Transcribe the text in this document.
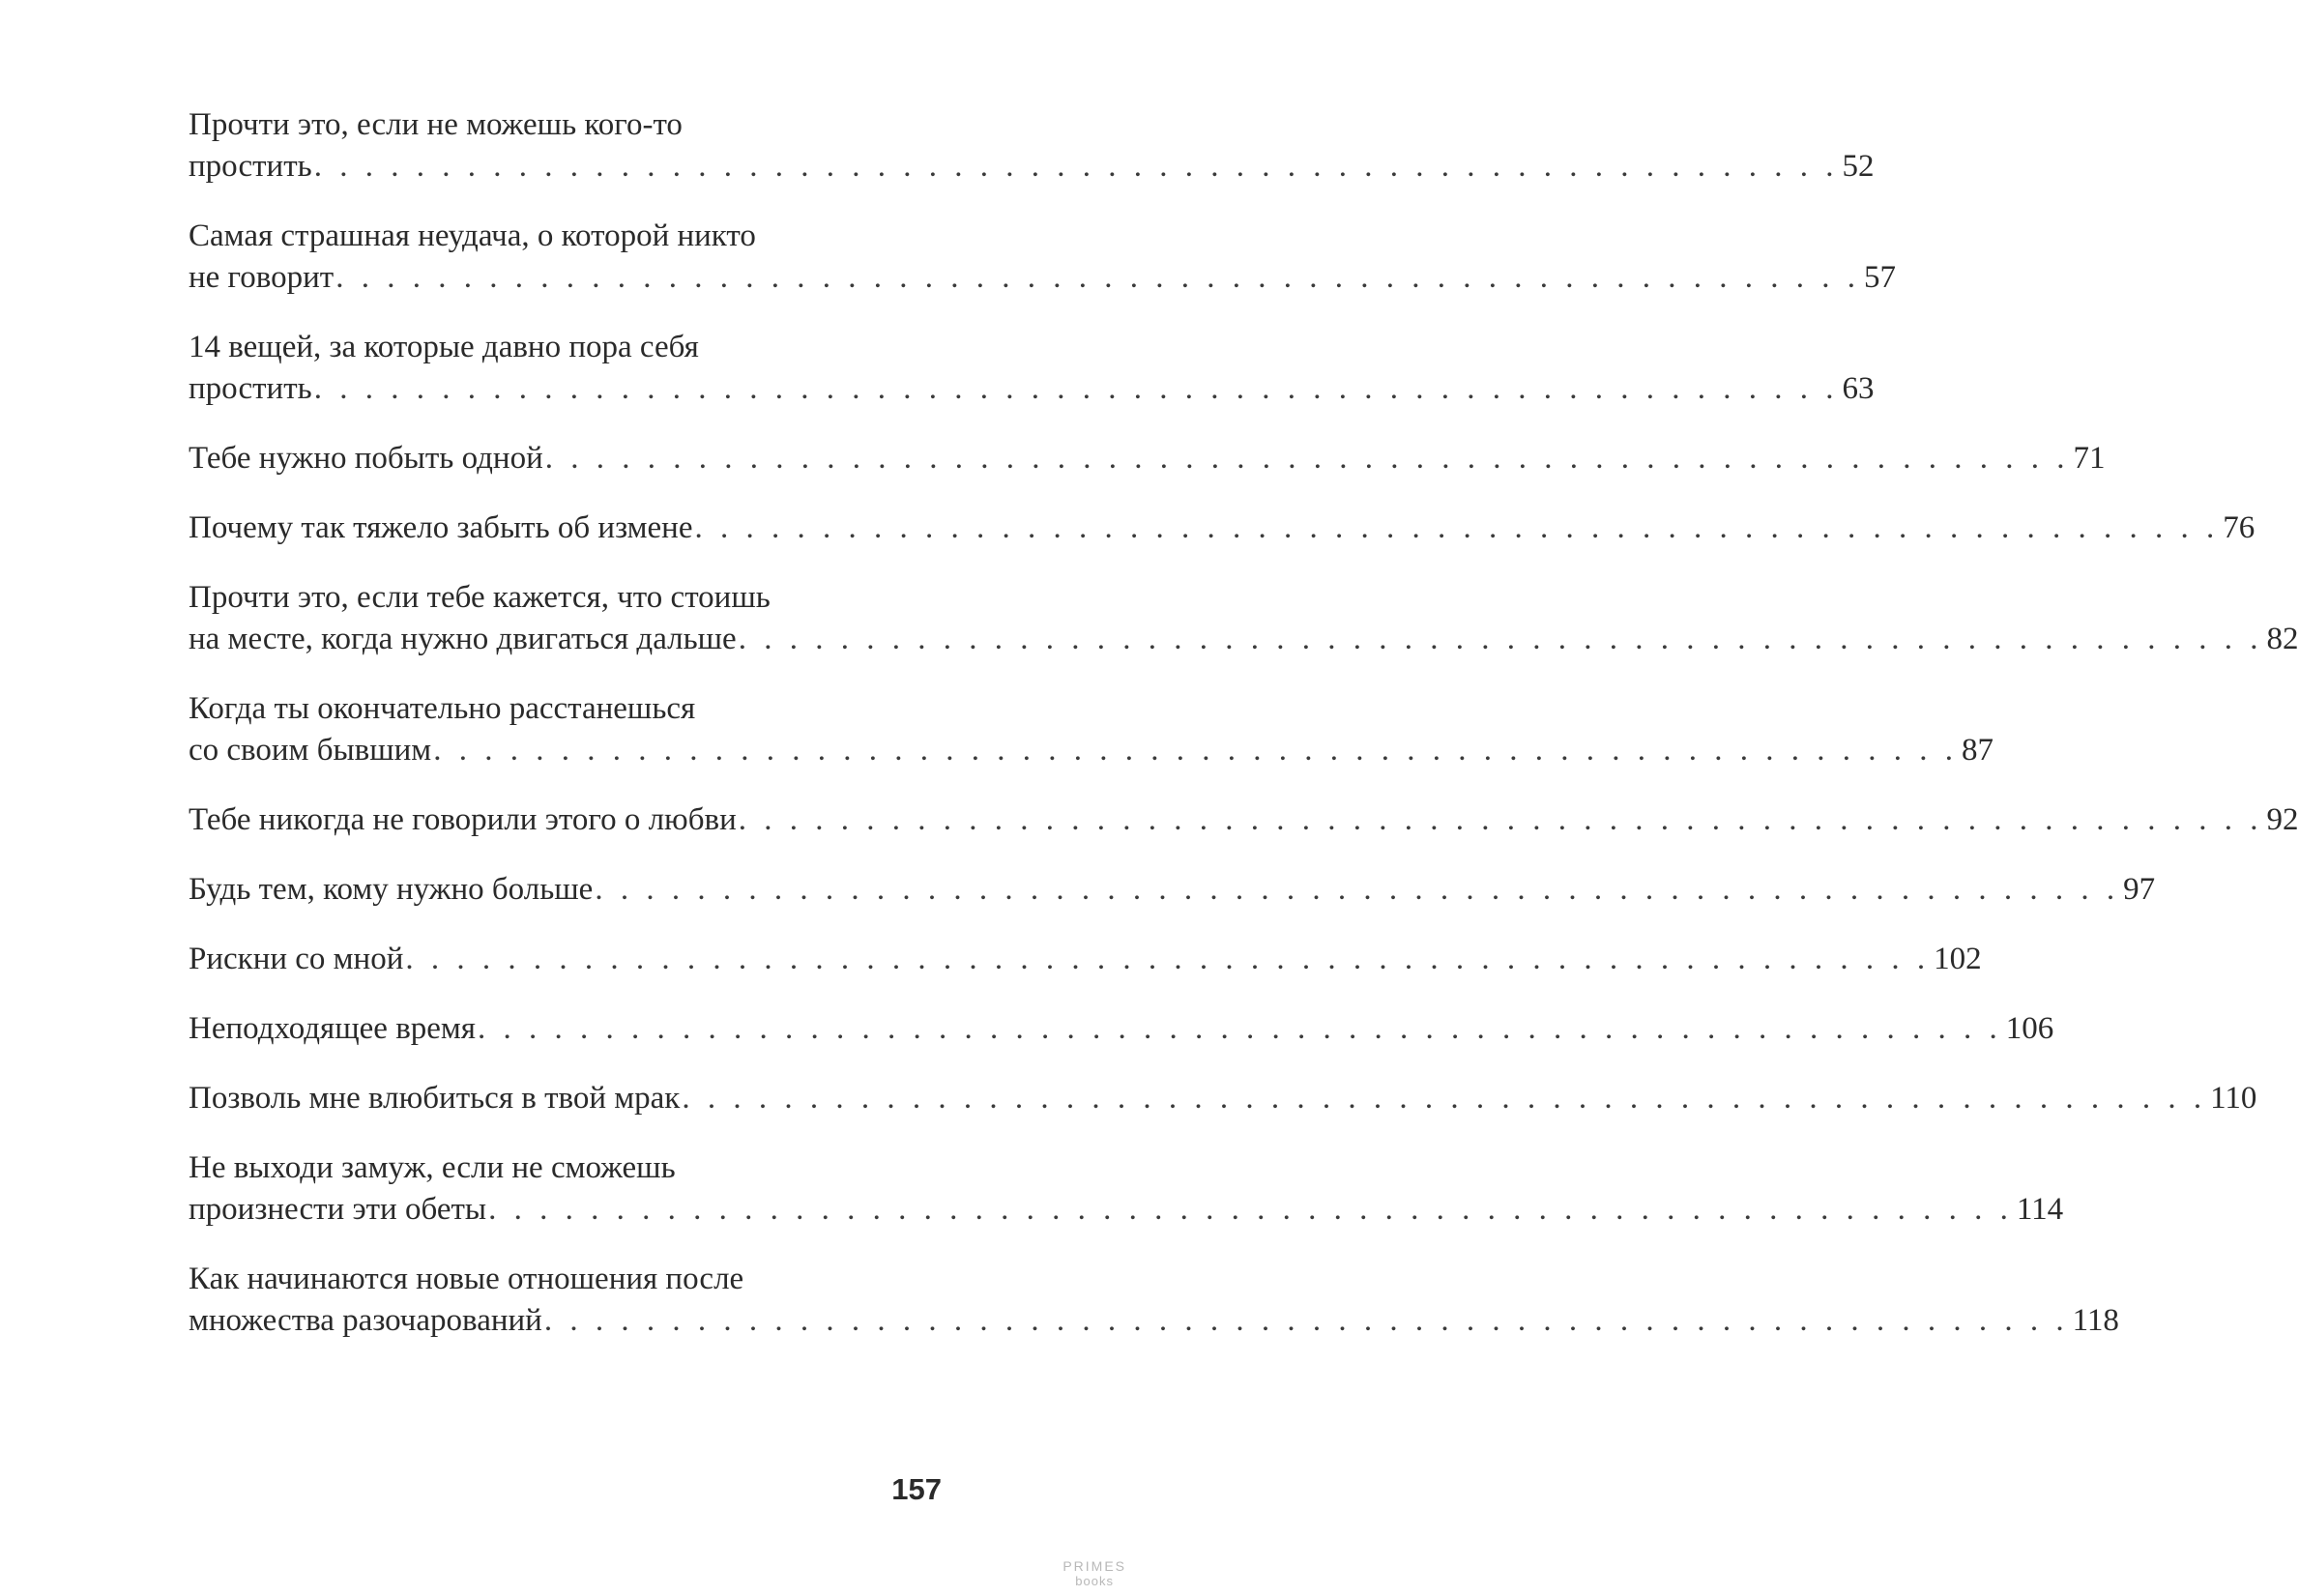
Прочти это, если не можешь кого-то
простить . . . . . . . . . . . . . . . . . . . . . . . . . . . . . . . . . . . . . . . . . . . . . . . . . . . . . . . . . . . . 52
Самая страшная неудача, о которой никто
не говорит . . . . . . . . . . . . . . . . . . . . . . . . . . . . . . . . . . . . . . . . . . . . . . . . . . . . . . . . . . . . 57
14 вещей, за которые давно пора себя
простить . . . . . . . . . . . . . . . . . . . . . . . . . . . . . . . . . . . . . . . . . . . . . . . . . . . . . . . . . . . . 63
Тебе нужно побыть одной . . . . . . . . . . . . . . . . . . . . . . . . . . . . . . . . . . . . . . . . . . . . . . . . . . . . . . . . . . . . 71
Почему так тяжело забыть об измене . . . . . . . . . . . . . . . . . . . . . . . . . . . . . . . . . . . . . . . . . . . . . . . . . . . . . . . . . . . . 76
Прочти это, если тебе кажется, что стоишь
на месте, когда нужно двигаться дальше . . . . . . . . . . . . . . . . . . . . . . . . . . . . . . . . . . . . . . . . . . . . . . . . . . . . . . . . . . . . 82
Когда ты окончательно расстанешься
со своим бывшим . . . . . . . . . . . . . . . . . . . . . . . . . . . . . . . . . . . . . . . . . . . . . . . . . . . . . . . . . . . . 87
Тебе никогда не говорили этого о любви . . . . . . . . . . . . . . . . . . . . . . . . . . . . . . . . . . . . . . . . . . . . . . . . . . . . . . . . . . . . 92
Будь тем, кому нужно больше . . . . . . . . . . . . . . . . . . . . . . . . . . . . . . . . . . . . . . . . . . . . . . . . . . . . . . . . . . . . 97
Рискни со мной . . . . . . . . . . . . . . . . . . . . . . . . . . . . . . . . . . . . . . . . . . . . . . . . . . . . . . . . . . . . 102
Неподходящее время . . . . . . . . . . . . . . . . . . . . . . . . . . . . . . . . . . . . . . . . . . . . . . . . . . . . . . . . . . . . 106
Позволь мне влюбиться в твой мрак . . . . . . . . . . . . . . . . . . . . . . . . . . . . . . . . . . . . . . . . . . . . . . . . . . . . . . . . . . . . 110
Не выходи замуж, если не сможешь
произнести эти обеты . . . . . . . . . . . . . . . . . . . . . . . . . . . . . . . . . . . . . . . . . . . . . . . . . . . . . . . . . . . . 114
Как начинаются новые отношения после
множества разочарований . . . . . . . . . . . . . . . . . . . . . . . . . . . . . . . . . . . . . . . . . . . . . . . . . . . . . . . . . . . . 118
157
PRIMES
books
